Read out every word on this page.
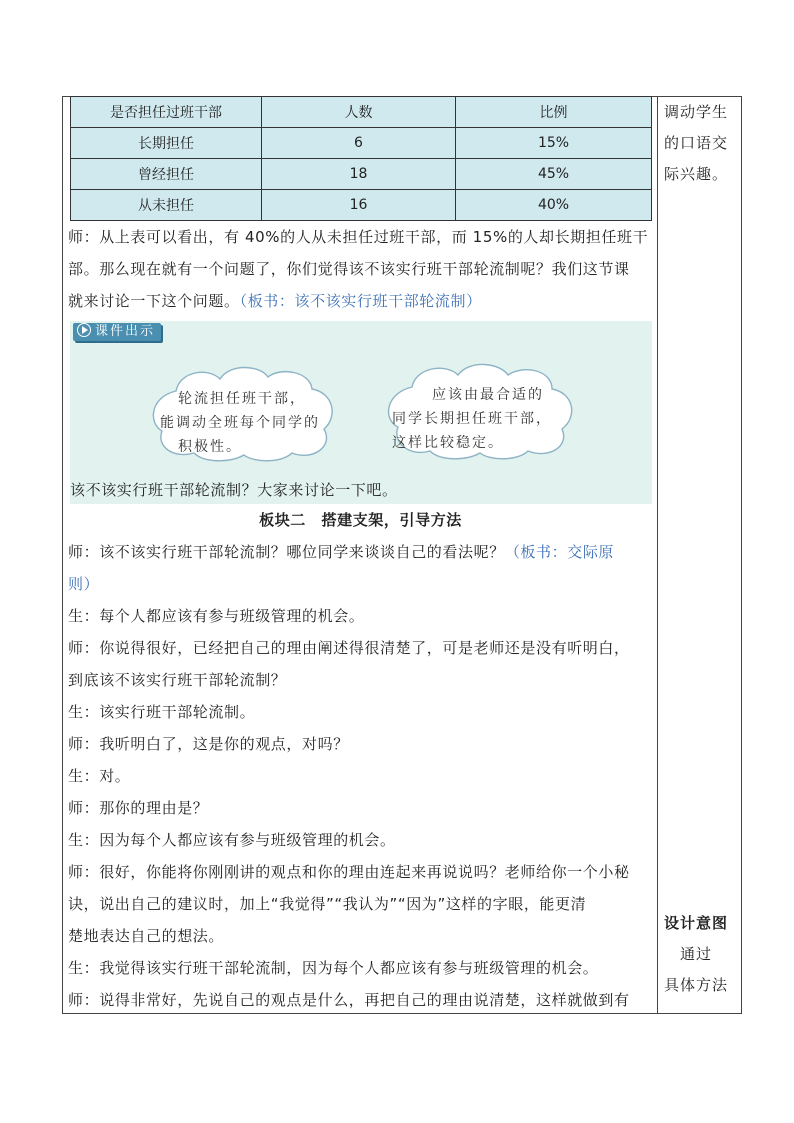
是否担任过班干部	人数	比例
长期担任	6	15%
曾经担任	18	45%
从未担任	16	40%
师：从上表可以看出，有 40%的人从未担任过班干部，而 15%的人却长期担任班干
部。那么现在就有一个问题了，你们觉得该不该实行班干部轮流制呢？我们这节课
就来讨论一下这个问题。（板书：该不该实行班干部轮流制）
课件出示
轮流担任班干部，
能调动全班每个同学的
积极性。
应该由最合适的
同学长期担任班干部，
这样比较稳定。
该不该实行班干部轮流制？大家来讨论一下吧。
板块二　搭建支架，引导方法
师：该不该实行班干部轮流制？哪位同学来谈谈自己的看法呢？（板书：交际原
则）
生：每个人都应该有参与班级管理的机会。
师：你说得很好，已经把自己的理由阐述得很清楚了，可是老师还是没有听明白，
到底该不该实行班干部轮流制？
生：该实行班干部轮流制。
师：我听明白了，这是你的观点，对吗？
生：对。
师：那你的理由是？
生：因为每个人都应该有参与班级管理的机会。
师：很好，你能将你刚刚讲的观点和你的理由连起来再说说吗？老师给你一个小秘
诀，说出自己的建议时，加上“我觉得”“我认为”“因为”这样的字眼，能更清
楚地表达自己的想法。
生：我觉得该实行班干部轮流制，因为每个人都应该有参与班级管理的机会。
师：说得非常好，先说自己的观点是什么，再把自己的理由说清楚，这样就做到有
调动学生
的口语交
际兴趣。
设计意图
　通过
具体方法
